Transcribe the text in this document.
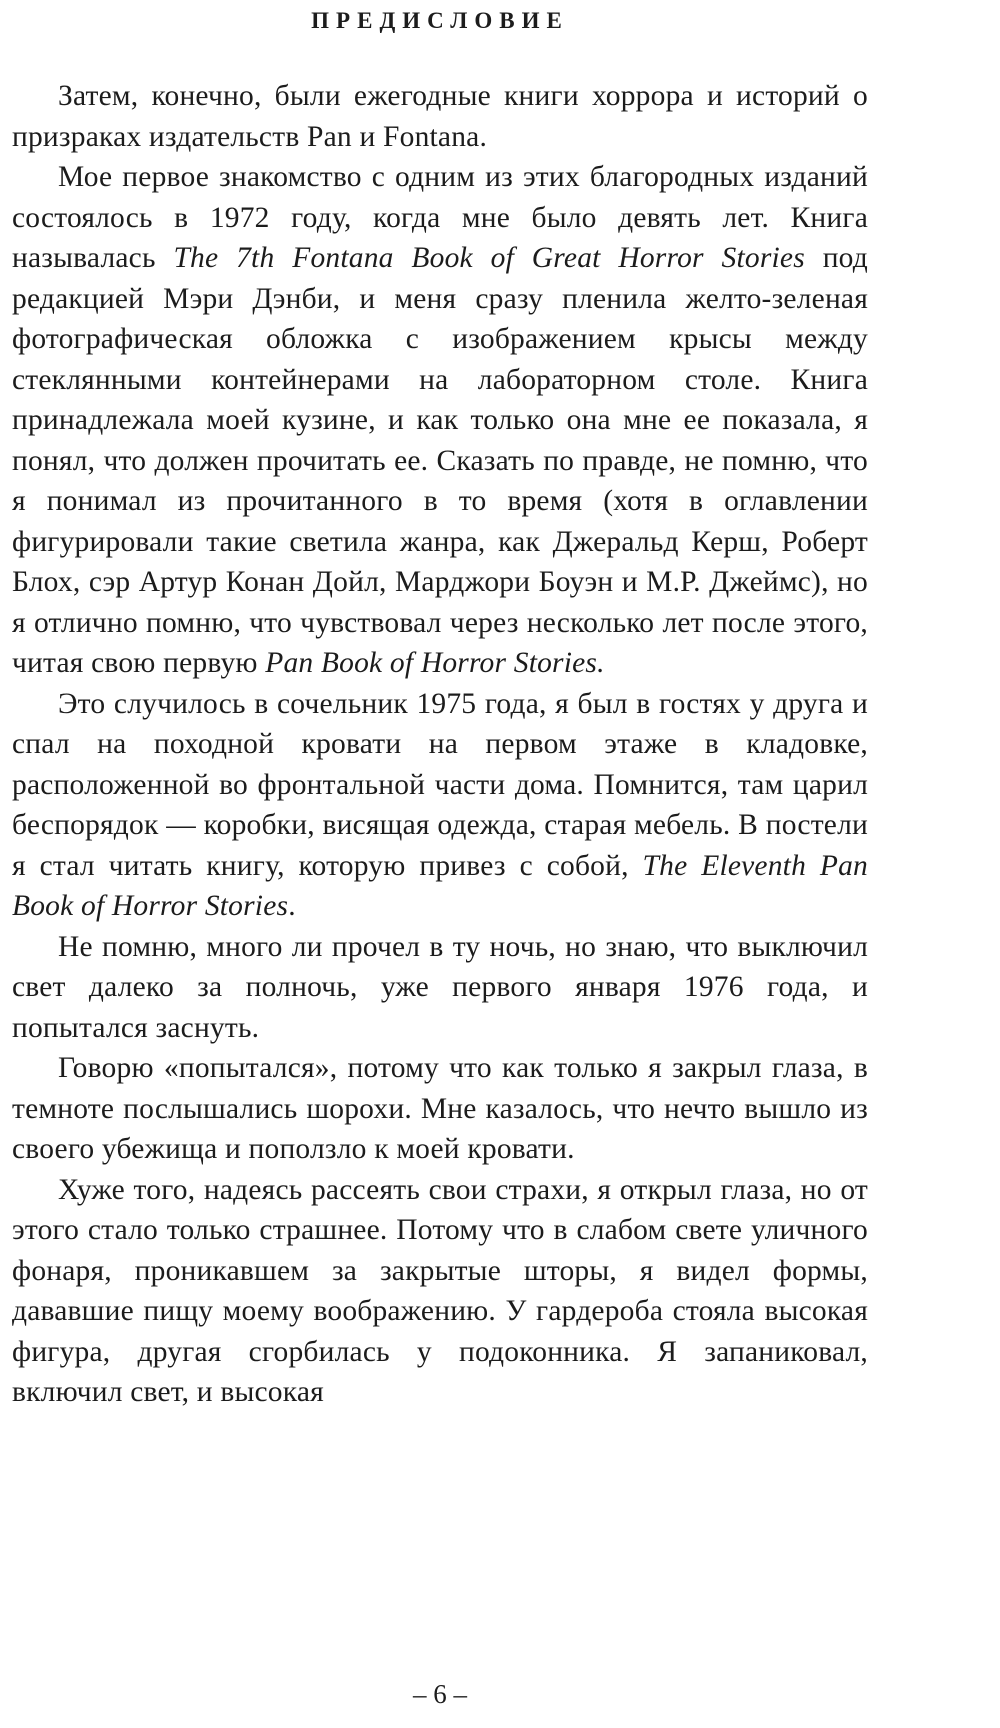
ПРЕДИСЛОВИЕ

Затем, конечно, были ежегодные книги хоррора и историй о призраках издательств Pan и Fontana.

Мое первое знакомство с одним из этих благородных изданий состоялось в 1972 году, когда мне было девять лет. Книга называлась The 7th Fontana Book of Great Horror Stories под редакцией Мэри Дэнби, и меня сразу пленила желто-зеленая фотографическая обложка с изображением крысы между стеклянными контейнерами на лабораторном столе. Книга принадлежала моей кузине, и как только она мне ее показала, я понял, что должен прочитать ее. Сказать по правде, не помню, что я понимал из прочитанного в то время (хотя в оглавлении фигурировали такие светила жанра, как Джеральд Керш, Роберт Блох, сэр Артур Конан Дойл, Марджори Боуэн и М.Р. Джеймс), но я отлично помню, что чувствовал через несколько лет после этого, читая свою первую Pan Book of Horror Stories.

Это случилось в сочельник 1975 года, я был в гостях у друга и спал на походной кровати на первом этаже в кладовке, расположенной во фронтальной части дома. Помнится, там царил беспорядок — коробки, висящая одежда, старая мебель. В постели я стал читать книгу, которую привез с собой, The Eleventh Pan Book of Horror Stories.

Не помню, много ли прочел в ту ночь, но знаю, что выключил свет далеко за полночь, уже первого января 1976 года, и попытался заснуть.

Говорю «попытался», потому что как только я закрыл глаза, в темноте послышались шорохи. Мне казалось, что нечто вышло из своего убежища и поползло к моей кровати.

Хуже того, надеясь рассеять свои страхи, я открыл глаза, но от этого стало только страшнее. Потому что в слабом свете уличного фонаря, проникавшем за закрытые шторы, я видел формы, дававшие пищу моему воображению. У гардероба стояла высокая фигура, другая сгорбилась у подоконника. Я запаниковал, включил свет, и высокая

– 6 –
